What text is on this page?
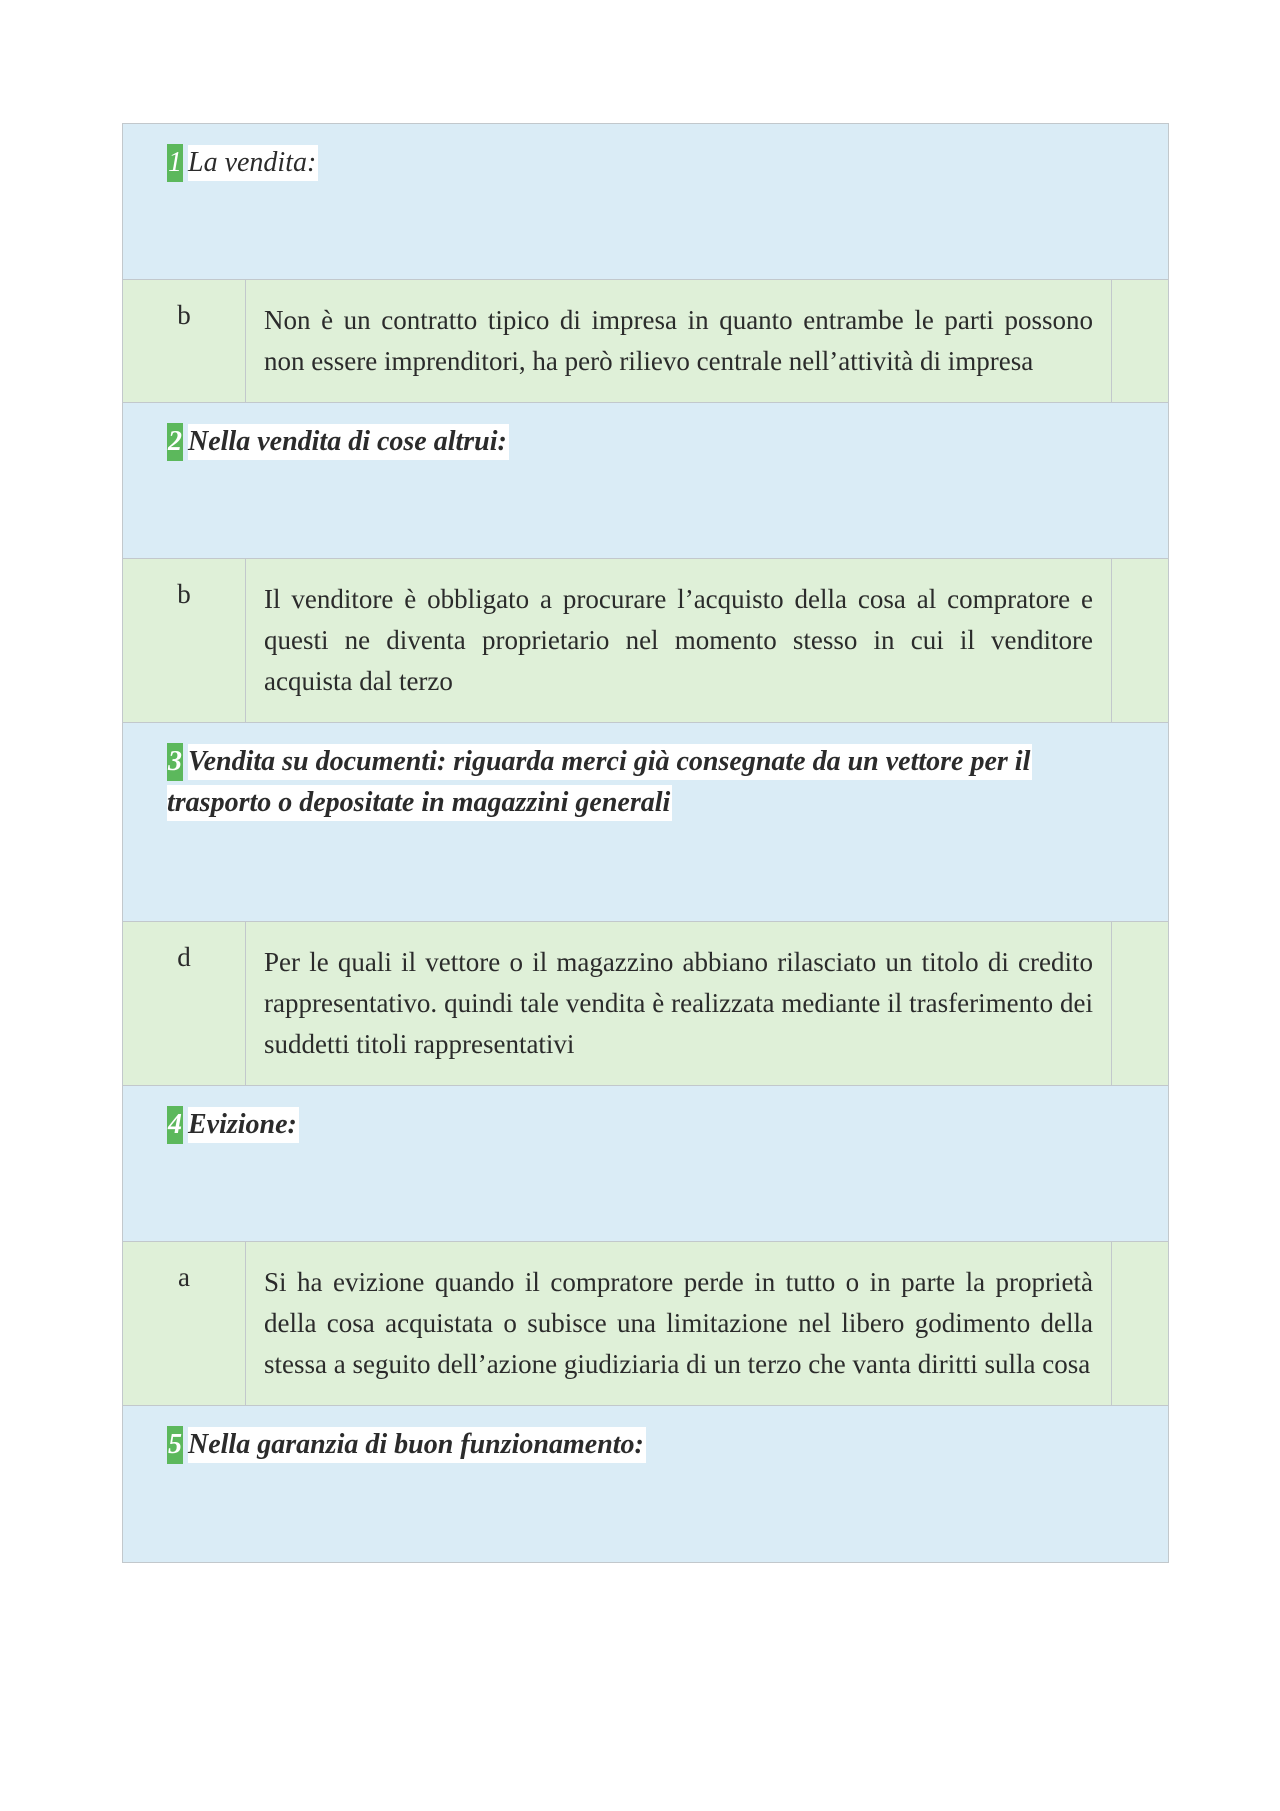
1 La vendita:
b	Non è un contratto tipico di impresa in quanto entrambe le parti possono non essere imprenditori, ha però rilievo centrale nell’attività di impresa
2 Nella vendita di cose altrui:
b	Il venditore è obbligato a procurare l’acquisto della cosa al compratore e questi ne diventa proprietario nel momento stesso in cui il venditore acquista dal terzo
3 Vendita su documenti: riguarda merci già consegnate da un vettore per il trasporto o depositate in magazzini generali
d	Per le quali il vettore o il magazzino abbiano rilasciato un titolo di credito rappresentativo. quindi tale vendita è realizzata mediante il trasferimento dei suddetti titoli rappresentativi
4 Evizione:
a	Si ha evizione quando il compratore perde in tutto o in parte la proprietà della cosa acquistata o subisce una limitazione nel libero godimento della stessa a seguito dell’azione giudiziaria di un terzo che vanta diritti sulla cosa
5 Nella garanzia di buon funzionamento:
